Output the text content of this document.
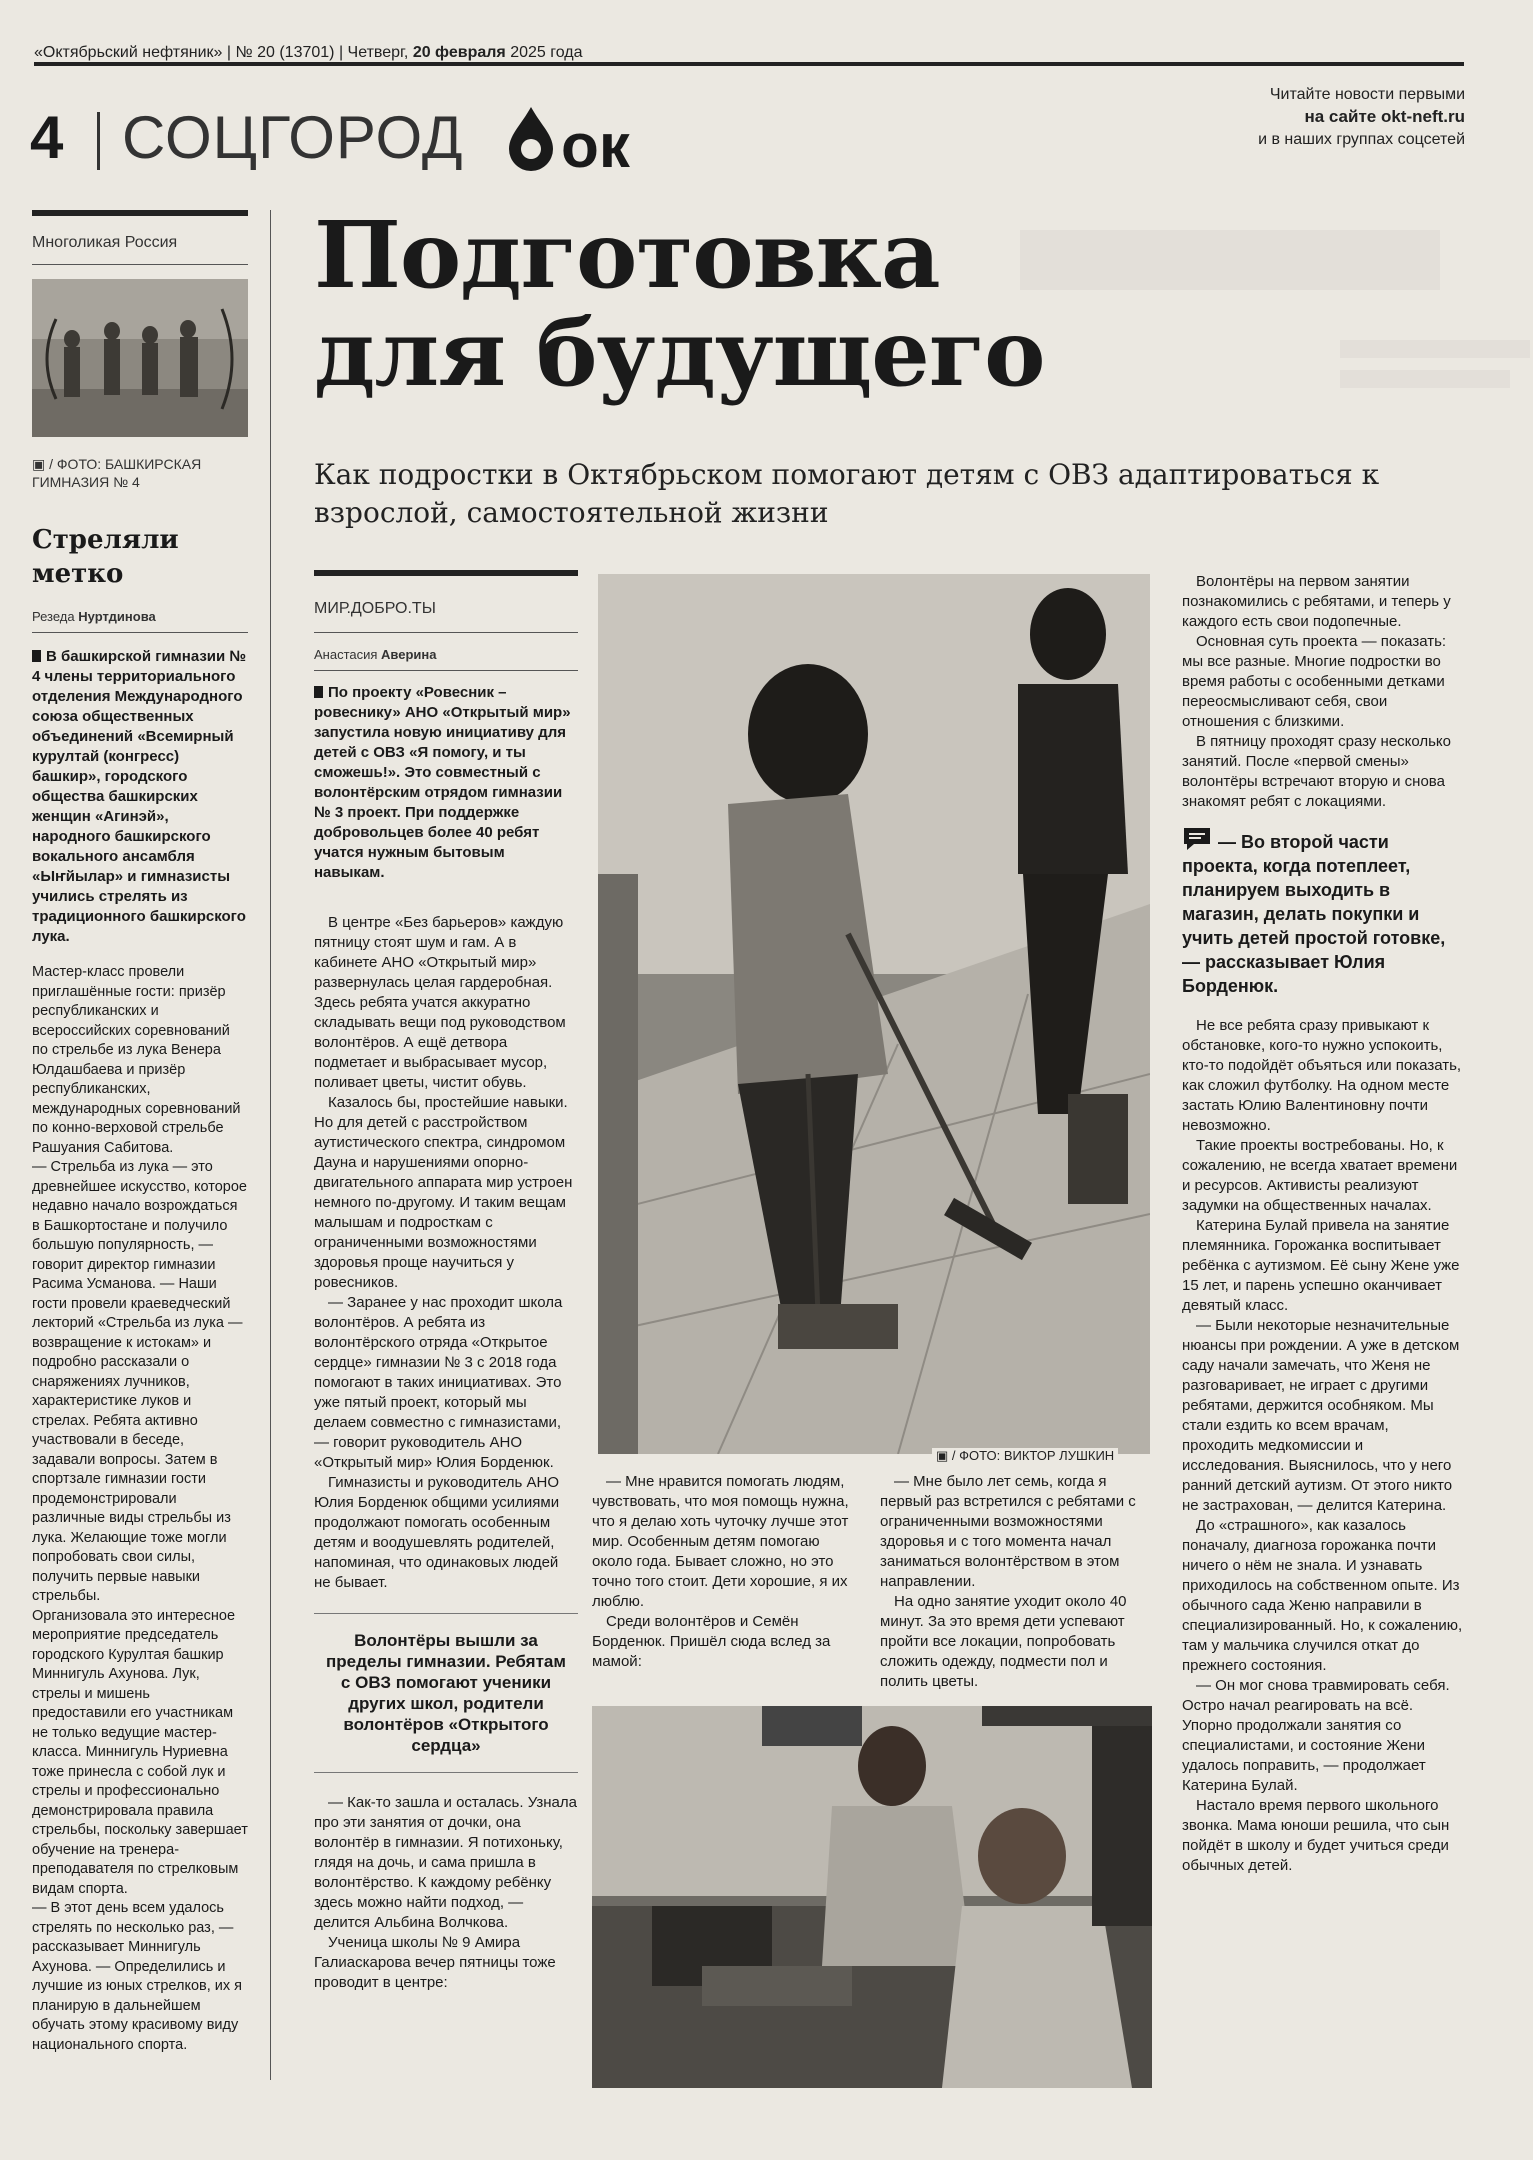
«Октябрьский нефтяник» | № 20 (13701) | Четверг, 20 февраля 2025 года
4 СОЦГОРОД ок
Читайте новости первыми
на сайте okt-neft.ru
и в наших группах соцсетей
Многоликая Россия
▣ / ФОТО: БАШКИРСКАЯ ГИМНАЗИЯ № 4
Стреляли метко
Резеда Нуртдинова
В башкирской гимназии № 4 члены территориального отделения Международного союза общественных объединений «Всемирный курултай (конгресс) башкир», городского общества башкирских женщин «Агинэй», народного башкирского вокального ансамбля «Ыҥйылар» и гимназисты учились стрелять из традиционного башкирского лука.

Мастер-класс провели приглашённые гости: призёр республиканских и всероссийских соревнований по стрельбе из лука Венера Юлдашбаева и призёр республиканских, международных соревнований по конно-верховой стрельбе Рашуания Сабитова.

— Стрельба из лука — это древнейшее искусство, которое недавно начало возрождаться в Башкортостане и получило большую популярность, — говорит директор гимназии Расима Усманова. — Наши гости провели краеведческий лекторий «Стрельба из лука — возвращение к истокам» и подробно рассказали о снаряжениях лучников, характеристике луков и стрелах. Ребята активно участвовали в беседе, задавали вопросы. Затем в спортзале гимназии гости продемонстрировали различные виды стрельбы из лука. Желающие тоже могли попробовать свои силы, получить первые навыки стрельбы.

Организовала это интересное мероприятие председатель городского Курултая башкир Миннигуль Ахунова. Лук, стрелы и мишень предоставили его участникам не только ведущие мастер-класса. Миннигуль Нуриевна тоже принесла с собой лук и стрелы и профессионально демонстрировала правила стрельбы, поскольку завершает обучение на тренера-преподавателя по стрелковым видам спорта.

— В этот день всем удалось стрелять по несколько раз, — рассказывает Миннигуль Ахунова. — Определились и лучшие из юных стрелков, их я планирую в дальнейшем обучать этому красивому виду национального спорта.

Подготовка
для будущего
Как подростки в Октябрьском помогают детям с ОВЗ адаптироваться к взрослой, самостоятельной жизни
МИР.ДОБРО.ТЫ
Анастасия Аверина
По проекту «Ровесник – ровеснику» АНО «Открытый мир» запустила новую инициативу для детей с ОВЗ «Я помогу, и ты сможешь!». Это совместный с волонтёрским отрядом гимназии № 3 проект. При поддержке добровольцев более 40 ребят учатся нужным бытовым навыкам.

В центре «Без барьеров» каждую пятницу стоят шум и гам. А в кабинете АНО «Открытый мир» развернулась целая гардеробная. Здесь ребята учатся аккуратно складывать вещи под руководством волонтёров. А ещё детвора подметает и выбрасывает мусор, поливает цветы, чистит обувь.

Казалось бы, простейшие навыки. Но для детей с расстройством аутистического спектра, синдромом Дауна и нарушениями опорно-двигательного аппарата мир устроен немного по-другому. И таким вещам малышам и подросткам с ограниченными возможностями здоровья проще научиться у ровесников.

— Заранее у нас проходит школа волонтёров. А ребята из волонтёрского отряда «Открытое сердце» гимназии № 3 с 2018 года помогают в таких инициативах. Это уже пятый проект, который мы делаем совместно с гимназистами, — говорит руководитель АНО «Открытый мир» Юлия Борденюк.

Гимназисты и руководитель АНО Юлия Борденюк общими усилиями продолжают помогать особенным детям и воодушевлять родителей, напоминая, что одинаковых людей не бывает.

Волонтёры вышли за пределы гимназии. Ребятам с ОВЗ помогают ученики других школ, родители волонтёров «Открытого сердца»

— Как-то зашла и осталась. Узнала про эти занятия от дочки, она волонтёр в гимназии. Я потихоньку, глядя на дочь, и сама пришла в волонтёрство. К каждому ребёнку здесь можно найти подход, — делится Альбина Волчкова.

Ученица школы № 9 Амира Галиаскарова вечер пятницы тоже проводит в центре:

▣ / ФОТО: ВИКТОР ЛУШКИН

— Мне нравится помогать людям, чувствовать, что моя помощь нужна, что я делаю хоть чуточку лучше этот мир. Особенным детям помогаю около года. Бывает сложно, но это точно того стоит. Дети хорошие, я их люблю.

Среди волонтёров и Семён Борденюк. Пришёл сюда вслед за мамой:

— Мне было лет семь, когда я первый раз встретился с ребятами с ограниченными возможностями здоровья и с того момента начал заниматься волонтёрством в этом направлении.

На одно занятие уходит около 40 минут. За это время дети успевают пройти все локации, попробовать сложить одежду, подмести пол и полить цветы.

Волонтёры на первом занятии познакомились с ребятами, и теперь у каждого есть свои подопечные.

Основная суть проекта — показать: мы все разные. Многие подростки во время работы с особенными детками переосмысливают себя, свои отношения с близкими.

В пятницу проходят сразу несколько занятий. После «первой смены» волонтёры встречают вторую и снова знакомят ребят с локациями.

— Во второй части проекта, когда потеплеет, планируем выходить в магазин, делать покупки и учить детей простой готовке, — рассказывает Юлия Борденюк.

Не все ребята сразу привыкают к обстановке, кого-то нужно успокоить, кто-то подойдёт объяться или показать, как сложил футболку. На одном месте застать Юлию Валентиновну почти невозможно.

Такие проекты востребованы. Но, к сожалению, не всегда хватает времени и ресурсов. Активисты реализуют задумки на общественных началах.

Катерина Булай привела на занятие племянника. Горожанка воспитывает ребёнка с аутизмом. Её сыну Жене уже 15 лет, и парень успешно оканчивает девятый класс.

— Были некоторые незначительные нюансы при рождении. А уже в детском саду начали замечать, что Женя не разговаривает, не играет с другими ребятами, держится особняком. Мы стали ездить ко всем врачам, проходить медкомиссии и исследования. Выяснилось, что у него ранний детский аутизм. От этого никто не застрахован, — делится Катерина.

До «страшного», как казалось поначалу, диагноза горожанка почти ничего о нём не знала. И узнавать приходилось на собственном опыте. Из обычного сада Женю направили в специализированный. Но, к сожалению, там у мальчика случился откат до прежнего состояния.

— Он мог снова травмировать себя. Остро начал реагировать на всё. Упорно продолжали занятия со специалистами, и состояние Жени удалось поправить, — продолжает Катерина Булай.

Настало время первого школьного звонка. Мама юноши решила, что сын пойдёт в школу и будет учиться среди обычных детей.
